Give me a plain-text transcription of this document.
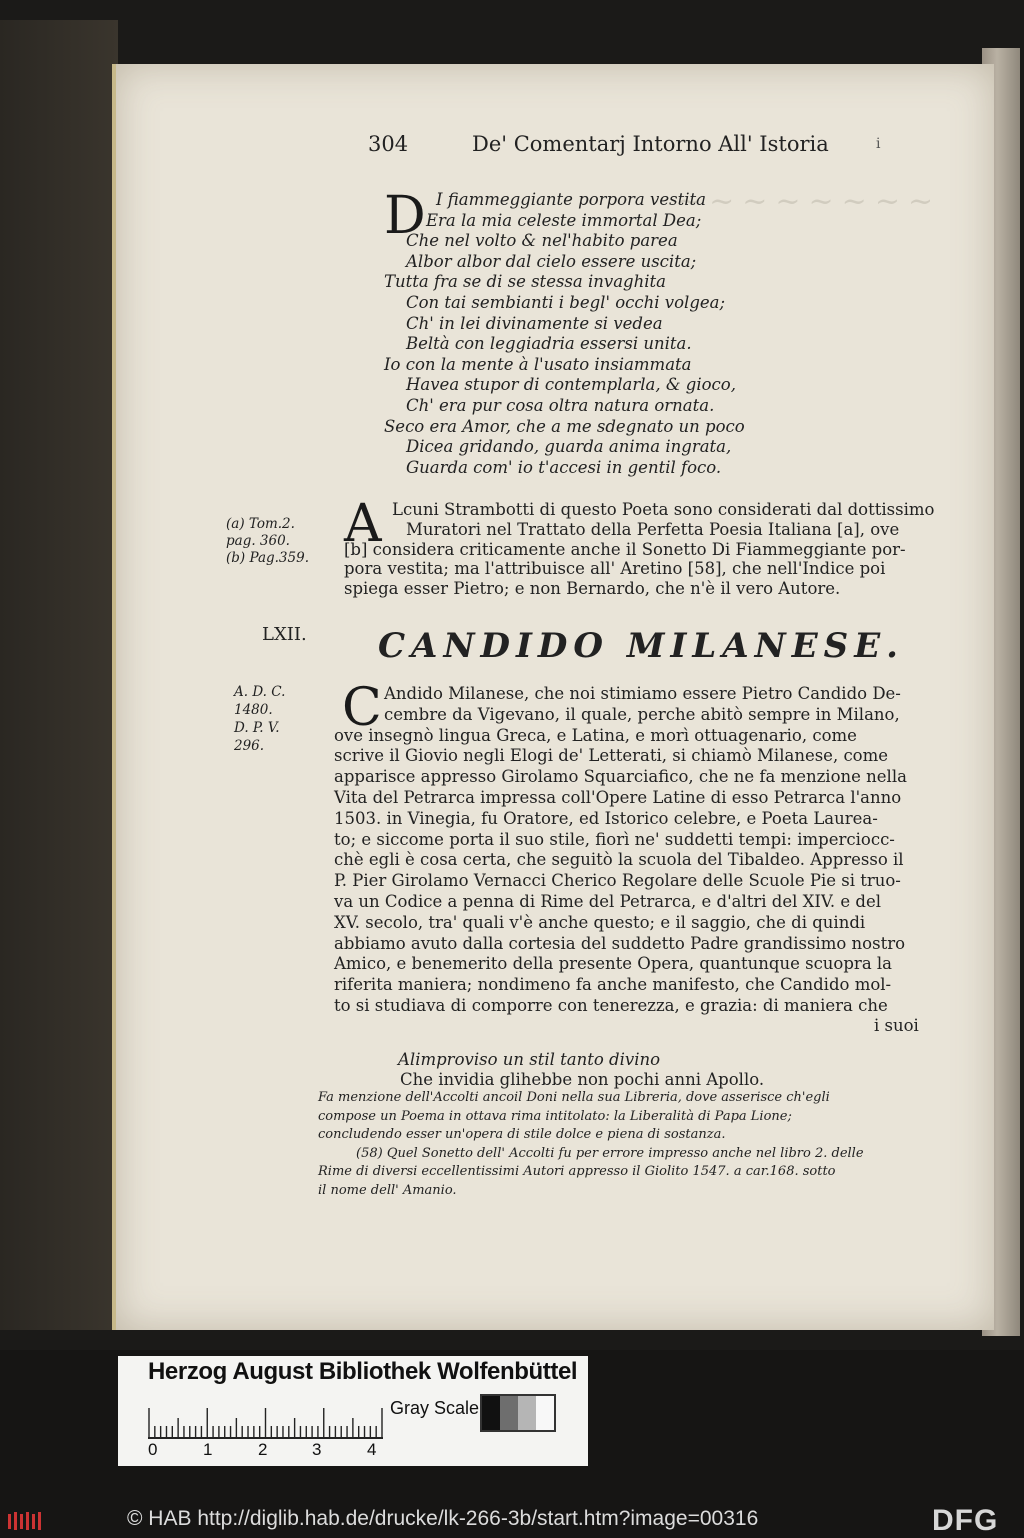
~~~~~~~~
304	De' Comentarj Intorno All' Istoria	i
D I fiammeggiante porpora vestita
Era la mia celeste immortal Dea;
Che nel volto & nel'habito parea
Albor albor dal cielo essere uscita;
Tutta fra se di se stessa invaghita
Con tai sembianti i begl' occhi volgea;
Ch' in lei divinamente si vedea
Beltà con leggiadria essersi unita.
Io con la mente à l'usato insiammata
Havea stupor di contemplarla, & gioco,
Ch' era pur cosa oltra natura ornata.
Seco era Amor, che a me sdegnato un poco
Dicea gridando, guarda anima ingrata,
Guarda com' io t'accesi in gentil foco.
(a) Tom.2.
pag. 360.
(b) Pag.359.
A Lcuni Strambotti di questo Poeta sono considerati dal dottissimo
Muratori nel Trattato della Perfetta Poesia Italiana [a], ove
[b] considera criticamente anche il Sonetto Di Fiammeggiante por-
pora vestita; ma l'attribuisce all' Aretino [58], che nell'Indice poi
spiega esser Pietro; e non Bernardo, che n'è il vero Autore.
LXII. CANDIDO MILANESE.
A. D. C.
1480.
D. P. V.
296.
C Andido Milanese, che noi stimiamo essere Pietro Candido De-
cembre da Vigevano, il quale, perche abitò sempre in Milano,
ove insegnò lingua Greca, e Latina, e morì ottuagenario, come
scrive il Giovio negli Elogi de' Letterati, si chiamò Milanese, come
apparisce appresso Girolamo Squarciafico, che ne fa menzione nella
Vita del Petrarca impressa coll'Opere Latine di esso Petrarca l'anno
1503. in Vinegia, fu Oratore, ed Istorico celebre, e Poeta Laurea-
to; e siccome porta il suo stile, fiorì ne' suddetti tempi: imperciocc-
chè egli è cosa certa, che seguitò la scuola del Tibaldeo. Appresso il
P. Pier Girolamo Vernacci Cherico Regolare delle Scuole Pie si truo-
va un Codice a penna di Rime del Petrarca, e d'altri del XIV. e del
XV. secolo, tra' quali v'è anche questo; e il saggio, che di quindi
abbiamo avuto dalla cortesia del suddetto Padre grandissimo nostro
Amico, e benemerito della presente Opera, quantunque scuopra la
riferita maniera; nondimeno fa anche manifesto, che Candido mol-
to si studiava di comporre con tenerezza, e grazia: di maniera che
i suoi
Alimproviso un stil tanto divino
Che invidia glihebbe non pochi anni Apollo.
Fa menzione dell'Accolti ancoil Doni nella sua Libreria, dove asserisce ch'egli
compose un Poema in ottava rima intitolato: la Liberalità di Papa Lione;
concludendo esser un'opera di stile dolce e piena di sostanza.
(58) Quel Sonetto dell' Accolti fu per errore impresso anche nel libro 2. delle
Rime di diversi eccellentissimi Autori appresso il Giolito 1547. a car.168. sotto
il nome dell' Amanio.
Herzog August Bibliothek Wolfenbüttel
Gray Scale
0	1	2	3	4
© HAB http://diglib.hab.de/drucke/lk-266-3b/start.htm?image=00316	DFG
